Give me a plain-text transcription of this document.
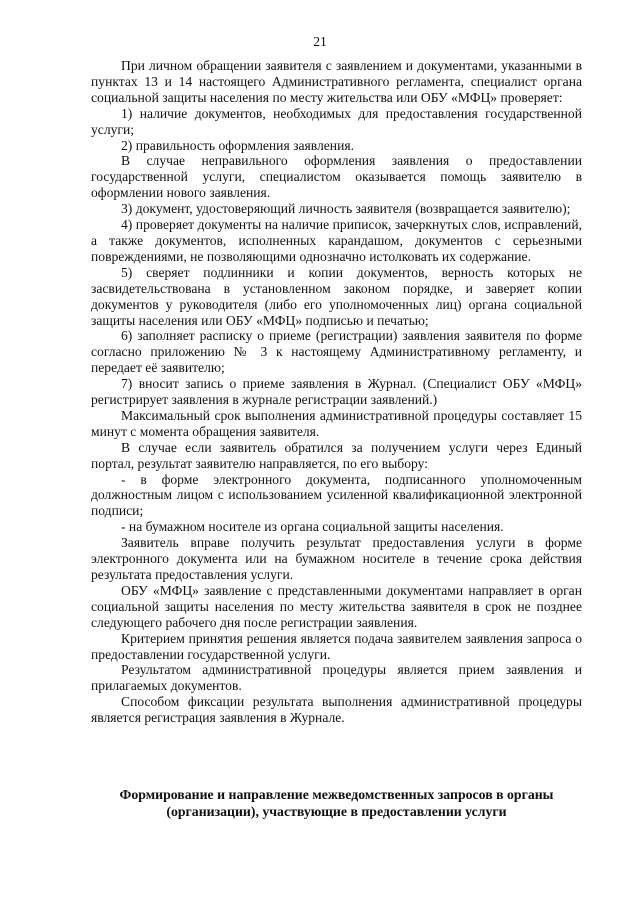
21

При личном обращении заявителя с заявлением и документами, указанными в пунктах 13 и 14 настоящего Административного регламента, специалист органа социальной защиты населения по месту жительства или ОБУ «МФЦ» проверяет:

1) наличие документов, необходимых для предоставления государственной услуги;

2) правильность оформления заявления.

В случае неправильного оформления заявления о предоставлении государственной услуги, специалистом оказывается помощь заявителю в оформлении нового заявления.

3) документ, удостоверяющий личность заявителя (возвращается заявителю);

4) проверяет документы на наличие приписок, зачеркнутых слов, исправлений, а также документов, исполненных карандашом, документов с серьезными повреждениями, не позволяющими однозначно истолковать их содержание.

5) сверяет подлинники и копии документов, верность которых не засвидетельствована в установленном законом порядке, и заверяет копии документов у руководителя (либо его уполномоченных лиц) органа социальной защиты населения или ОБУ «МФЦ» подписью и печатью;

6) заполняет расписку о приеме (регистрации) заявления заявителя по форме согласно приложению № 3 к настоящему Административному регламенту, и передает её заявителю;

7) вносит запись о приеме заявления в Журнал. (Специалист ОБУ «МФЦ» регистрирует заявления в журнале регистрации заявлений.)

Максимальный срок выполнения административной процедуры составляет 15 минут с момента обращения заявителя.

В случае если заявитель обратился за получением услуги через Единый портал, результат заявителю направляется, по его выбору:

- в форме электронного документа, подписанного уполномоченным должностным лицом с использованием усиленной квалификационной электронной подписи;

- на бумажном носителе из органа социальной защиты населения.

Заявитель вправе получить результат предоставления услуги в форме электронного документа или на бумажном носителе в течение срока действия результата предоставления услуги.

ОБУ «МФЦ» заявление с представленными документами направляет в орган социальной защиты населения по месту жительства заявителя в срок не позднее следующего рабочего дня после регистрации заявления.

Критерием принятия решения является подача заявителем заявления запроса о предоставлении государственной услуги.

Результатом административной процедуры является прием заявления и прилагаемых документов.

Способом фиксации результата выполнения административной процедуры является регистрация заявления в Журнале.

Формирование и направление межведомственных запросов в органы (организации), участвующие в предоставлении услуги
